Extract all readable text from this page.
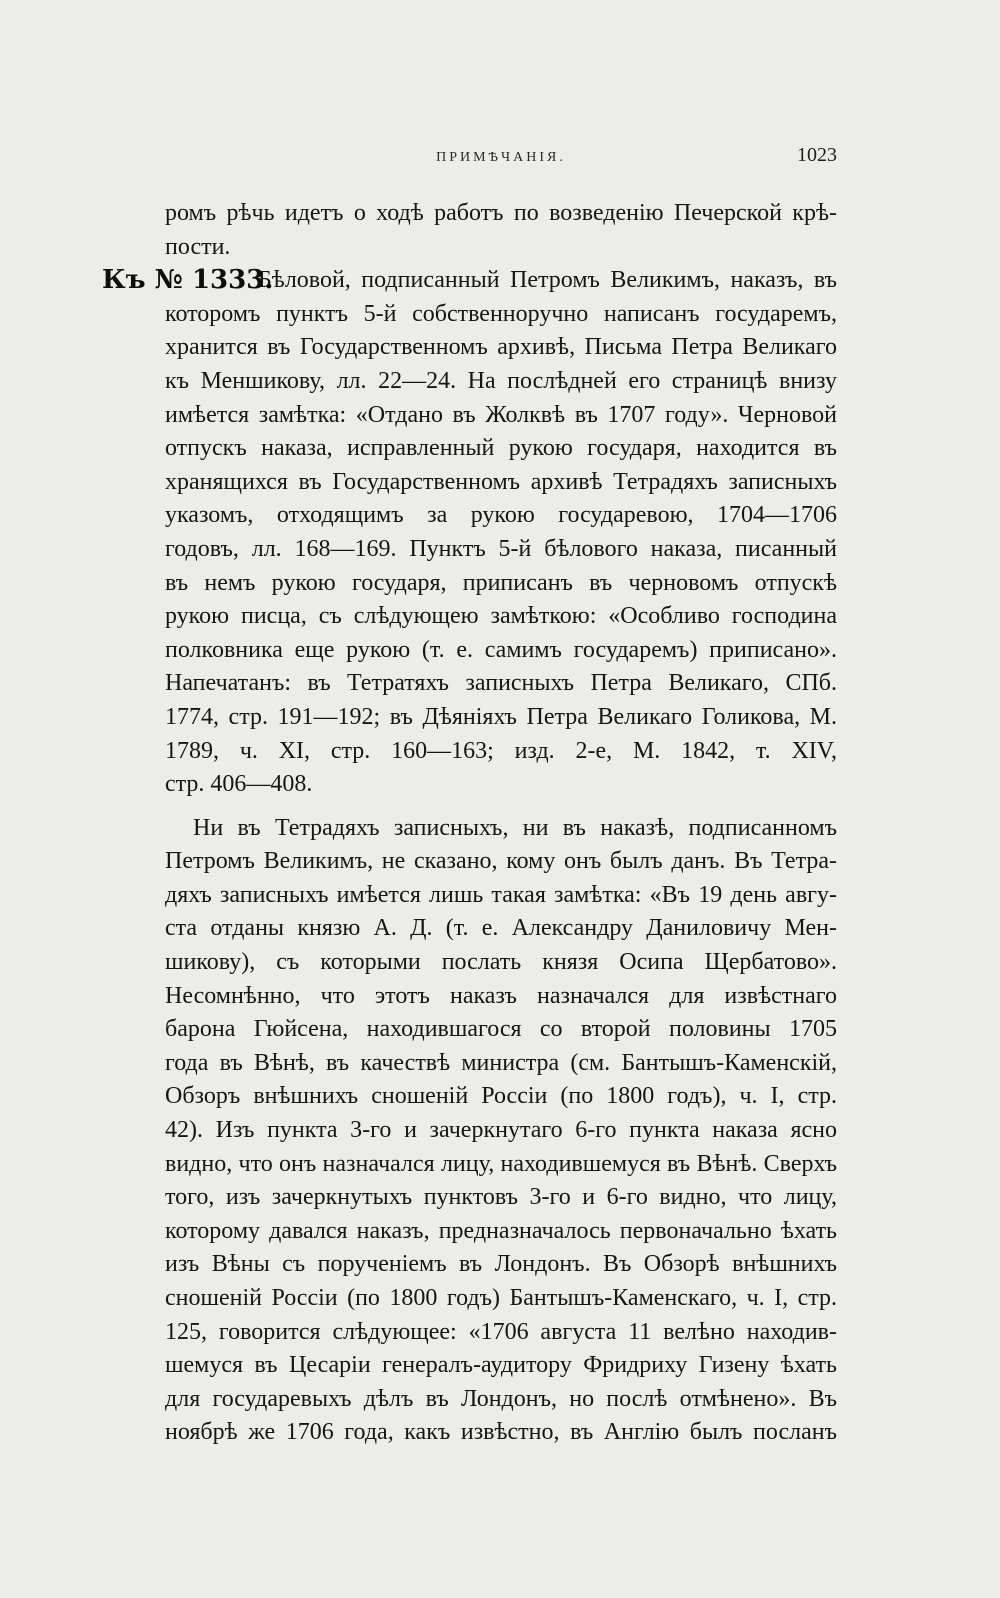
ПРИМѢЧАНІЯ.	1023
ромъ рѣчь идетъ о ходѣ работъ по возведенію Печерской крѣ-
пости.
Къ № 1333.
Бѣловой, подписанный Петромъ Великимъ, наказъ, въ
которомъ пунктъ 5-й собственноручно написанъ государемъ,
хранится въ Государственномъ архивѣ, Письма Петра Великаго
къ Меншикову, лл. 22—24. На послѣдней его страницѣ внизу
имѣется замѣтка: «Отдано въ Жолквѣ въ 1707 году». Черновой
отпускъ наказа, исправленный рукою государя, находится въ
хранящихся въ Государственномъ архивѣ Тетрадяхъ записныхъ
указомъ, отходящимъ за рукою государевою, 1704—1706
годовъ, лл. 168—169. Пунктъ 5-й бѣлового наказа, писанный
въ немъ рукою государя, приписанъ въ черновомъ отпускѣ
рукою писца, съ слѣдующею замѣткою: «Особливо господина
полковника еще рукою (т. е. самимъ государемъ) приписано».
Напечатанъ: въ Тетратяхъ записныхъ Петра Великаго, СПб.
1774, стр. 191—192; въ Дѣяніяхъ Петра Великаго Голикова, М.
1789, ч. XI, стр. 160—163; изд. 2-е, М. 1842, т. XIV,
стр. 406—408.
Ни въ Тетрадяхъ записныхъ, ни въ наказѣ, подписанномъ
Петромъ Великимъ, не сказано, кому онъ былъ данъ. Въ Тетра-
дяхъ записныхъ имѣется лишь такая замѣтка: «Въ 19 день авгу-
ста отданы князю А. Д. (т. е. Александру Даниловичу Мен-
шикову), съ которыми послать князя Осипа Щербатово».
Несомнѣнно, что этотъ наказъ назначался для извѣстнаго
барона Гюйсена, находившагося со второй половины 1705
года въ Вѣнѣ, въ качествѣ министра (см. Бантышъ-Каменскій,
Обзоръ внѣшнихъ сношеній Россіи (по 1800 годъ), ч. I, стр.
42). Изъ пункта 3-го и зачеркнутаго 6-го пункта наказа ясно
видно, что онъ назначался лицу, находившемуся въ Вѣнѣ. Сверхъ
того, изъ зачеркнутыхъ пунктовъ 3-го и 6-го видно, что лицу,
которому давался наказъ, предназначалось первоначально ѣхать
изъ Вѣны съ порученіемъ въ Лондонъ. Въ Обзорѣ внѣшнихъ
сношеній Россіи (по 1800 годъ) Бантышъ-Каменскаго, ч. I, стр.
125, говорится слѣдующее: «1706 августа 11 велѣно находив-
шемуся въ Цесаріи генералъ-аудитору Фридриху Гизену ѣхать
для государевыхъ дѣлъ въ Лондонъ, но послѣ отмѣнено». Въ
ноябрѣ же 1706 года, какъ извѣстно, въ Англію былъ посланъ
